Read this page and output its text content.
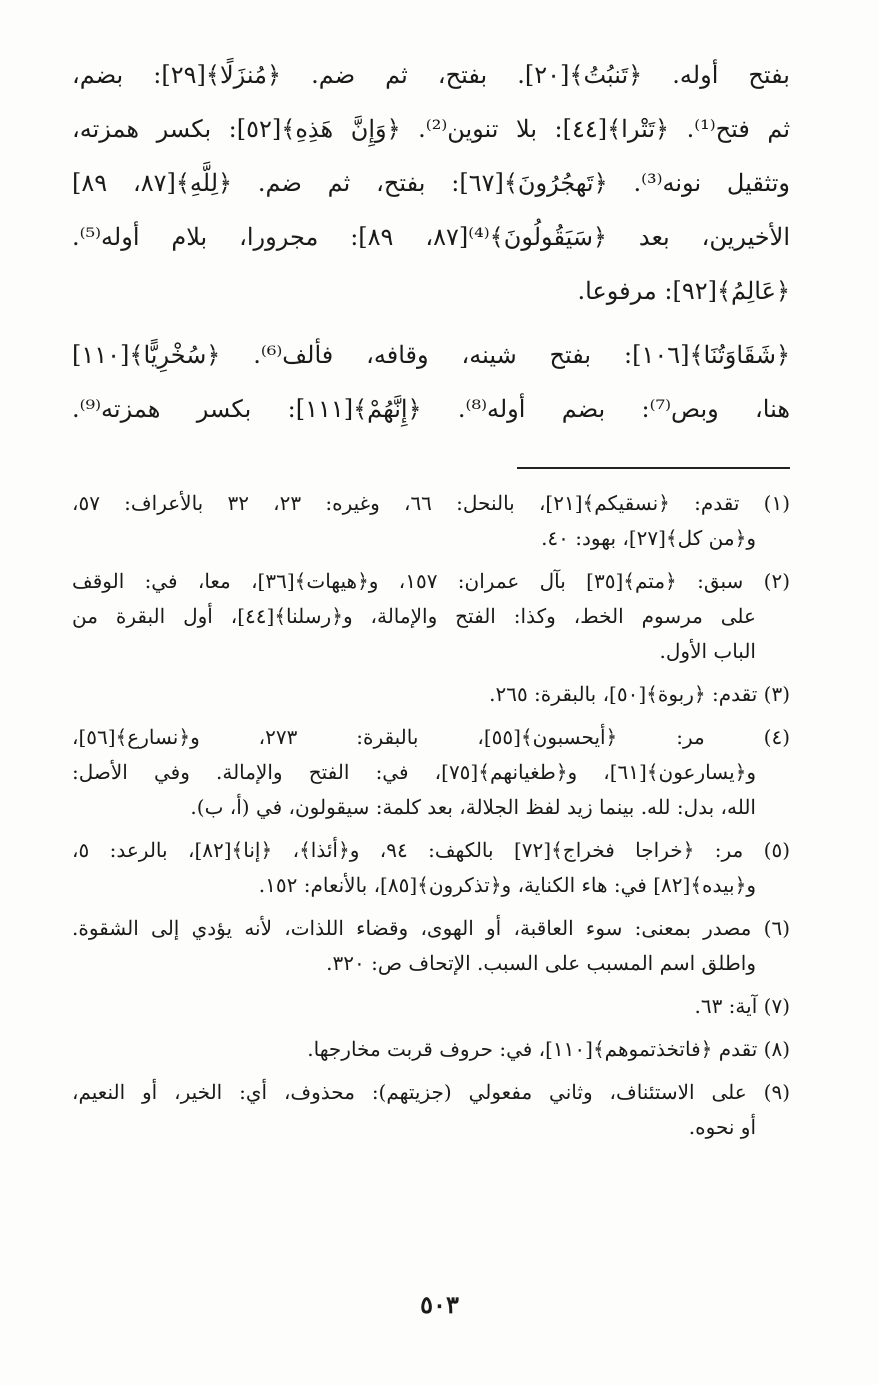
بفتح أوله. ﴿تَنبُتُ﴾[٢٠]. بفتح، ثم ضم. ﴿مُنزَلًا﴾[٢٩]: بضم،
ثم فتح⁽¹⁾. ﴿تَتْرا﴾[٤٤]: بلا تنوين⁽²⁾. ﴿وَإِنَّ هَذِهِ﴾[٥٢]: بكسر همزته،
وتثقيل نونه⁽³⁾. ﴿تَهجُرُونَ﴾[٦٧]: بفتح، ثم ضم. ﴿لِلَّهِ﴾[٨٧، ٨٩]
الأخيرين، بعد ﴿سَيَقُولُونَ﴾⁽⁴⁾[٨٧، ٨٩]: مجرورا، بلام أوله⁽⁵⁾.
﴿عَالِمُ﴾[٩٢]: مرفوعا.
﴿شَقَاوَتُنَا﴾[١٠٦]: بفتح شينه، وقافه، فألف⁽⁶⁾. ﴿سُخْرِيًّا﴾[١١٠]
هنا، وبص⁽⁷⁾: بضم أوله⁽⁸⁾. ﴿إِنَّهُمْ﴾[١١١]: بكسر همزته⁽⁹⁾.
(١) تقدم: ﴿نسقيكم﴾[٢١]، بالنحل: ٦٦، وغيره: ٢٣، ٣٢ بالأعراف: ٥٧،
و﴿من كل﴾[٢٧]، بهود: ٤٠.
(٢) سبق: ﴿متم﴾[٣٥] بآل عمران: ١٥٧، و﴿هيهات﴾[٣٦]، معا، في: الوقف
على مرسوم الخط، وكذا: الفتح والإمالة، و﴿رسلنا﴾[٤٤]، أول البقرة من
الباب الأول.
(٣) تقدم: ﴿ربوة﴾[٥٠]، بالبقرة: ٢٦٥.
(٤) مر: ﴿أيحسبون﴾[٥٥]، بالبقرة: ٢٧٣، و﴿نسارع﴾[٥٦]،
و﴿يسارعون﴾[٦١]، و﴿طغيانهم﴾[٧٥]، في: الفتح والإمالة. وفي الأصل:
الله، بدل: لله. بينما زيد لفظ الجلالة، بعد كلمة: سيقولون، في (أ، ب).
(٥) مر: ﴿خراجا فخراج﴾[٧٢] بالكهف: ٩٤، و﴿أئذا﴾، ﴿إنا﴾[٨٢]، بالرعد: ٥،
و﴿بيده﴾[٨٢] في: هاء الكناية، و﴿تذكرون﴾[٨٥]، بالأنعام: ١٥٢.
(٦) مصدر بمعنى: سوء العاقبة، أو الهوى، وقضاء اللذات، لأنه يؤدي إلى الشقوة.
واطلق اسم المسبب على السبب. الإتحاف ص: ٣٢٠.
(٧) آية: ٦٣.
(٨) تقدم ﴿فاتخذتموهم﴾[١١٠]، في: حروف قربت مخارجها.
(٩) على الاستئناف، وثاني مفعولي (جزيتهم): محذوف، أي: الخير، أو النعيم،
أو نحوه.
٥٠٣
